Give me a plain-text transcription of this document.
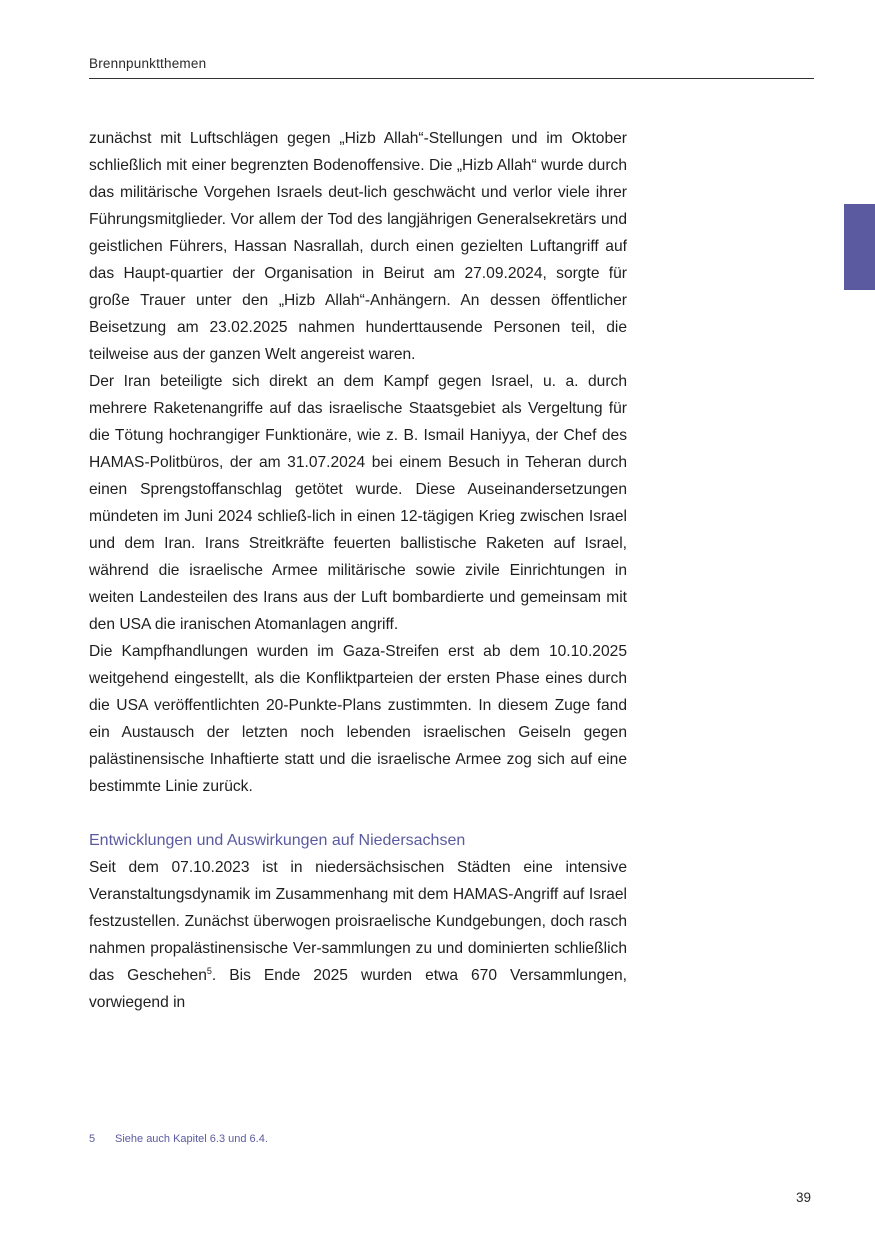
Brennpunktthemen

zunächst mit Luftschlägen gegen „Hizb Allah“-Stellungen und im Oktober schließlich mit einer begrenzten Bodenoffensive. Die „Hizb Allah“ wurde durch das militärische Vorgehen Israels deut-lich geschwächt und verlor viele ihrer Führungsmitglieder. Vor allem der Tod des langjährigen Generalsekretärs und geistlichen Führers, Hassan Nasrallah, durch einen gezielten Luftangriff auf das Haupt-quartier der Organisation in Beirut am 27.09.2024, sorgte für große Trauer unter den „Hizb Allah“-Anhängern. An dessen öffentlicher Beisetzung am 23.02.2025 nahmen hunderttausende Personen teil, die teilweise aus der ganzen Welt angereist waren.

Der Iran beteiligte sich direkt an dem Kampf gegen Israel, u. a. durch mehrere Raketenangriffe auf das israelische Staatsgebiet als Vergeltung für die Tötung hochrangiger Funktionäre, wie z. B. Ismail Haniyya, der Chef des HAMAS-Politbüros, der am 31.07.2024 bei einem Besuch in Teheran durch einen Sprengstoffanschlag getötet wurde. Diese Auseinandersetzungen mündeten im Juni 2024 schließ-lich in einen 12-tägigen Krieg zwischen Israel und dem Iran. Irans Streitkräfte feuerten ballistische Raketen auf Israel, während die israelische Armee militärische sowie zivile Einrichtungen in weiten Landesteilen des Irans aus der Luft bombardierte und gemeinsam mit den USA die iranischen Atomanlagen angriff.

Die Kampfhandlungen wurden im Gaza-Streifen erst ab dem 10.10.2025 weitgehend eingestellt, als die Konfliktparteien der ersten Phase eines durch die USA veröffentlichten 20-Punkte-Plans zustimmten. In diesem Zuge fand ein Austausch der letzten noch lebenden israelischen Geiseln gegen palästinensische Inhaftierte statt und die israelische Armee zog sich auf eine bestimmte Linie zurück.

Entwicklungen und Auswirkungen auf Niedersachsen

Seit dem 07.10.2023 ist in niedersächsischen Städten eine intensive Veranstaltungsdynamik im Zusammenhang mit dem HAMAS-Angriff auf Israel festzustellen. Zunächst überwogen proisraelische Kundgebungen, doch rasch nahmen propalästinensische Ver-sammlungen zu und dominierten schließlich das Geschehen$^5$. Bis Ende 2025 wurden etwa 670 Versammlungen, vorwiegend in

5 Siehe auch Kapitel 6.3 und 6.4.
39
